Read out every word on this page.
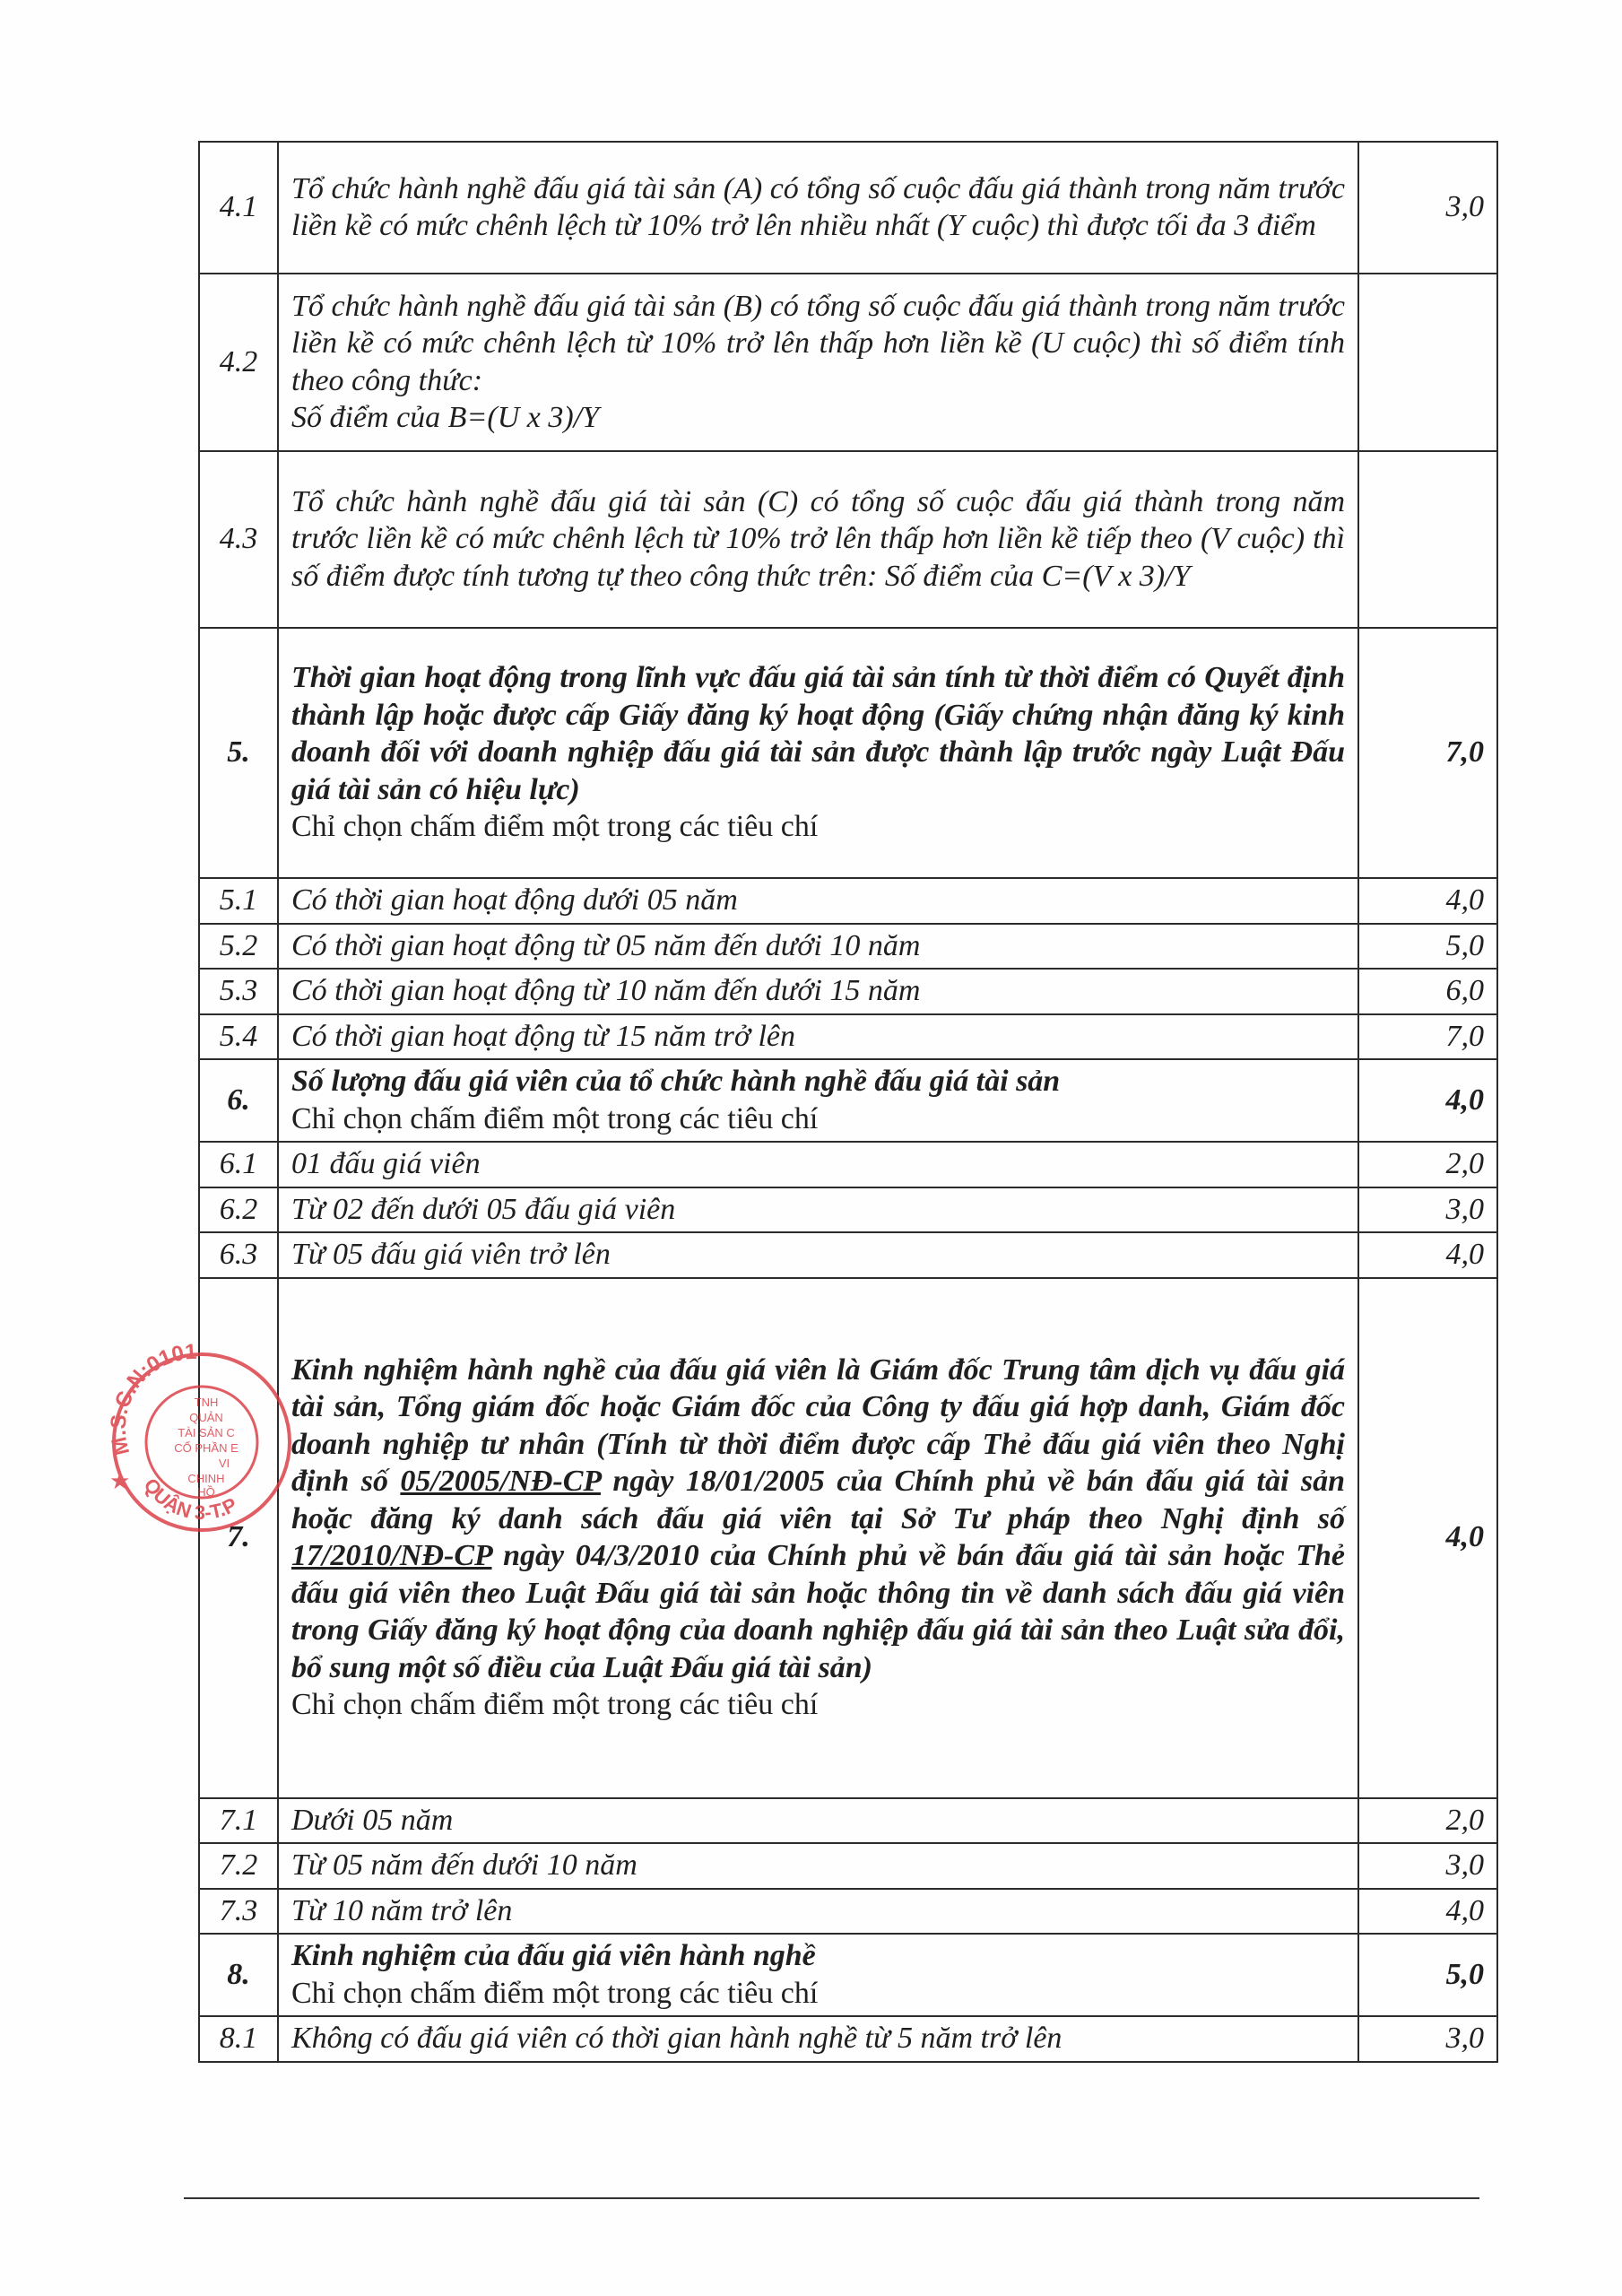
4.1	Tổ chức hành nghề đấu giá tài sản (A) có tổng số cuộc đấu giá thành trong năm trước liền kề có mức chênh lệch từ 10% trở lên nhiều nhất (Y cuộc) thì được tối đa 3 điểm	3,0
4.2	Tổ chức hành nghề đấu giá tài sản (B) có tổng số cuộc đấu giá thành trong năm trước liền kề có mức chênh lệch từ 10% trở lên thấp hơn liền kề (U cuộc) thì số điểm tính theo công thức:
Số điểm của B=(U x 3)/Y	

4.3	Tổ chức hành nghề đấu giá tài sản (C) có tổng số cuộc đấu giá thành trong năm trước liền kề có mức chênh lệch từ 10% trở lên thấp hơn liền kề tiếp theo (V cuộc) thì số điểm được tính tương tự theo công thức trên: Số điểm của C=(V x 3)/Y	

5.	Thời gian hoạt động trong lĩnh vực đấu giá tài sản tính từ thời điểm có Quyết định thành lập hoặc được cấp Giấy đăng ký hoạt động (Giấy chứng nhận đăng ký kinh doanh đối với doanh nghiệp đấu giá tài sản được thành lập trước ngày Luật Đấu giá tài sản có hiệu lực)
Chỉ chọn chấm điểm một trong các tiêu chí	7,0
5.1	Có thời gian hoạt động dưới 05 năm	4,0
5.2	Có thời gian hoạt động từ 05 năm đến dưới 10 năm	5,0
5.3	Có thời gian hoạt động từ 10 năm đến dưới 15 năm	6,0
5.4	Có thời gian hoạt động từ 15 năm trở lên	7,0
6.	Số lượng đấu giá viên của tổ chức hành nghề đấu giá tài sản
Chỉ chọn chấm điểm một trong các tiêu chí	4,0
6.1	01 đấu giá viên	2,0
6.2	Từ 02 đến dưới 05 đấu giá viên	3,0
6.3	Từ 05 đấu giá viên trở lên	4,0
7.	Kinh nghiệm hành nghề của đấu giá viên là Giám đốc Trung tâm dịch vụ đấu giá tài sản, Tổng giám đốc hoặc Giám đốc của Công ty đấu giá hợp danh, Giám đốc doanh nghiệp tư nhân (Tính từ thời điểm được cấp Thẻ đấu giá viên theo Nghị định số 05/2005/NĐ-CP ngày 18/01/2005 của Chính phủ về bán đấu giá tài sản hoặc đăng ký danh sách đấu giá viên tại Sở Tư pháp theo Nghị định số 17/2010/NĐ-CP ngày 04/3/2010 của Chính phủ về bán đấu giá tài sản hoặc Thẻ đấu giá viên theo Luật Đấu giá tài sản hoặc thông tin về danh sách đấu giá viên trong Giấy đăng ký hoạt động của doanh nghiệp đấu giá tài sản theo Luật sửa đổi, bổ sung một số điều của Luật Đấu giá tài sản)
Chỉ chọn chấm điểm một trong các tiêu chí	4,0
7.1	Dưới 05 năm	2,0
7.2	Từ 05 năm đến dưới 10 năm	3,0
7.3	Từ 10 năm trở lên	4,0
8.	Kinh nghiệm của đấu giá viên hành nghề
Chỉ chọn chấm điểm một trong các tiêu chí	5,0
8.1	Không có đấu giá viên có thời gian hành nghề từ 5 năm trở lên	3,0
M.S.C.N:0101
QUẬN 3-T.P
★
TNH
QUẢN
TÀI SẢN C
CỔ PHẦN E
VI
CHINH
HỒ
